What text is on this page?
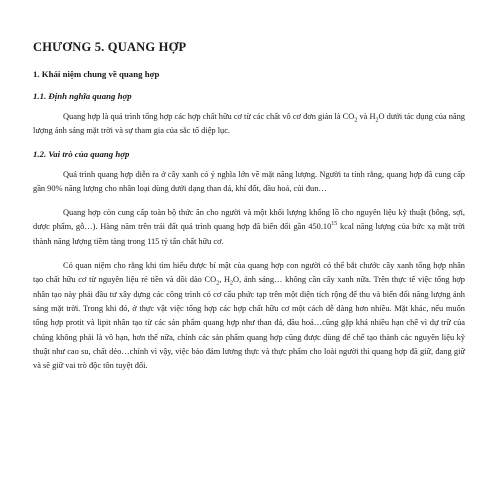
CHƯƠNG 5. QUANG HỢP
1. Khái niệm chung về quang hợp
1.1. Định nghĩa quang hợp

Quang hợp là quá trình tổng hợp các hợp chất hữu cơ từ các chất vô cơ đơn giản là $CO_2$ và $H_2O$ dưới tác dụng của năng lượng ánh sáng mặt trời và sự tham gia của sắc tố diệp lục.

1.2. Vai trò của quang hợp

Quá trình quang hợp diễn ra ở cây xanh có ý nghĩa lớn về mặt năng lượng. Người ta tính rằng, quang hợp đã cung cấp gần 90% năng lượng cho nhân loại dùng dưới dạng than đá, khí đốt, dầu hoả, củi đun…

Quang hợp còn cung cấp toàn bộ thức ăn cho người và một khối lượng khổng lồ cho nguyên liệu kỹ thuật (bông, sợi, dược phẩm, gỗ…). Hàng năm trên trái đất quá trình quang hợp đã biến đổi gần 450.10$^{15}$ kcal năng lượng của bức xạ mặt trời thành năng lượng tiềm tàng trong 115 tỷ tấn chất hữu cơ.

Có quan niệm cho rằng khi tìm hiểu được bí mật của quang hợp con người có thể bắt chước cây xanh tổng hợp nhân tạo chất hữu cơ từ nguyên liệu rẻ tiền và dồi dào $CO_2$, $H_2O$, ánh sáng… không cần cây xanh nữa. Trên thực tế việc tổng hợp nhân tạo này phải đầu tư xây dựng các công trình có cơ cấu phức tạp trên một diện tích rộng để thu và biến đổi năng lượng ánh sáng mặt trời. Trong khi đó, ở thực vật việc tổng hợp các hợp chất hữu cơ một cách dễ dàng hơn nhiều. Mặt khác, nếu muốn tổng hợp protit và lipit nhân tạo từ các sản phẩm quang hợp như than đá, dầu hoả…cũng gặp khá nhiều hạn chế vì dự trữ của chúng không phải là vô hạn, hơn thế nữa, chính các sản phẩm quang hợp cũng được dùng để chế tạo thành các nguyên liệu kỹ thuật như cao su, chất dẻo…chính vì vậy, việc bảo đảm lương thực và thực phẩm cho loài người thì quang hợp đã giữ, đang giữ và sẽ giữ vai trò độc tôn tuyệt đối.
